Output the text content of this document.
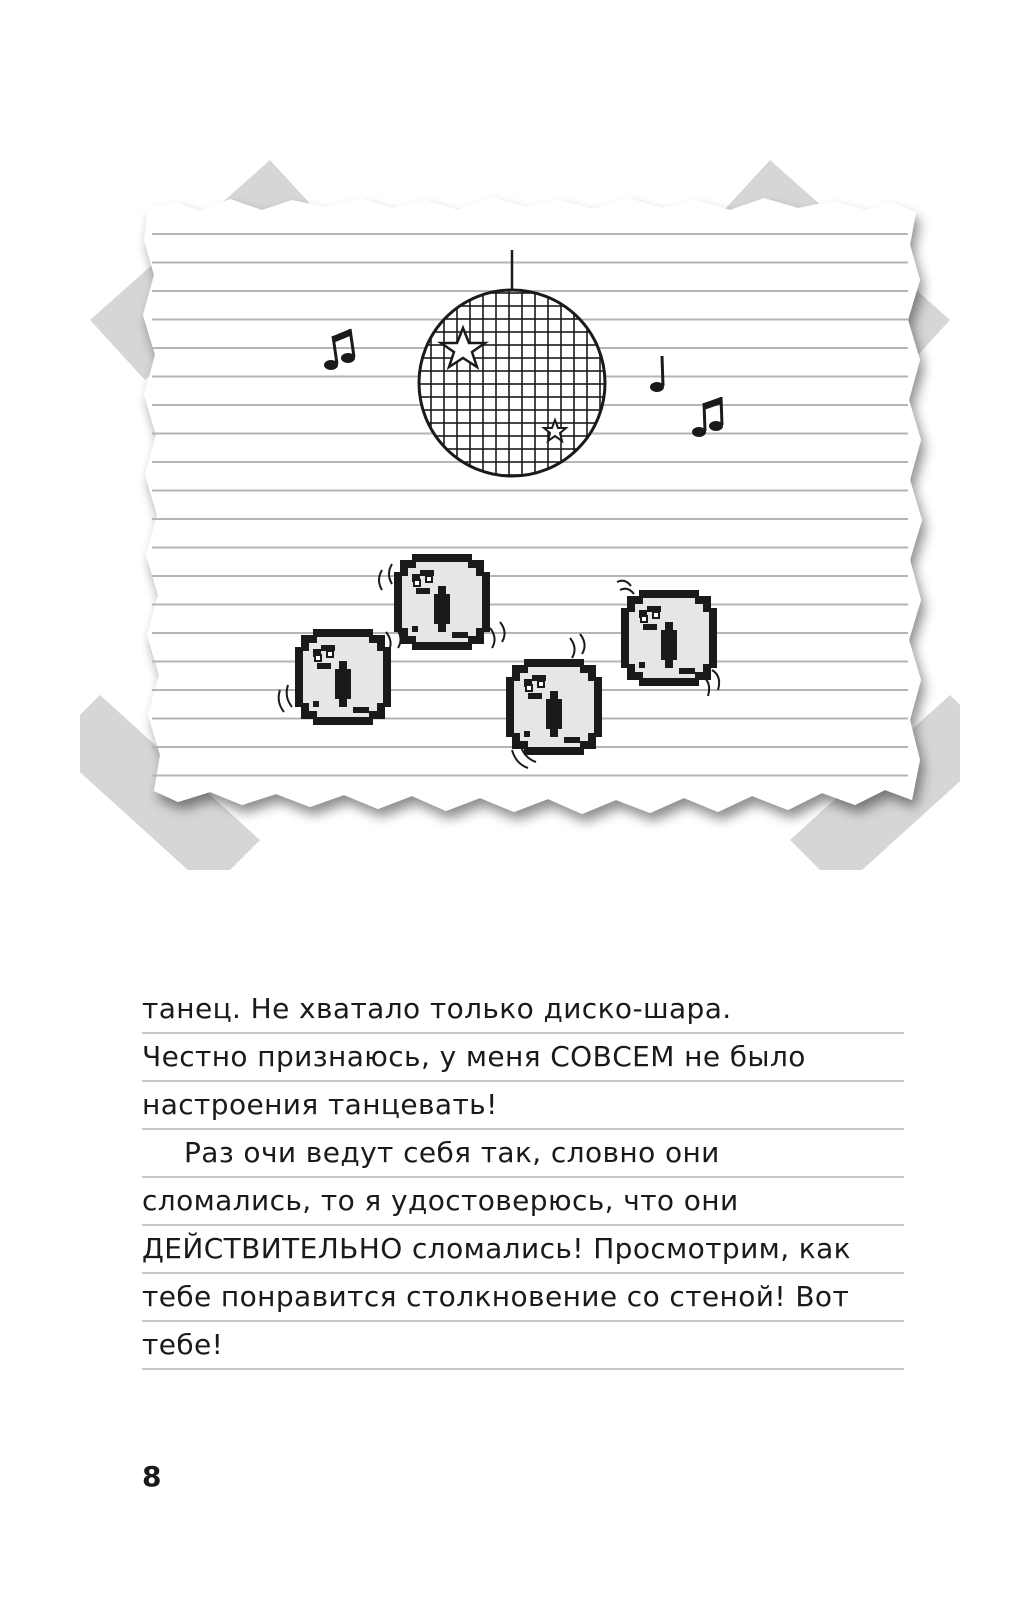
танец. Не хватало только диско-шара.
Честно признаюсь, у меня СОВСЕМ не было
настроения танцевать!
Раз очи ведут себя так, словно они
сломались, то я удостоверюсь, что они
ДЕЙСТВИТЕЛЬНО сломались! Просмотрим, как
тебе понравится столкновение со стеной! Вот
тебе!
8
